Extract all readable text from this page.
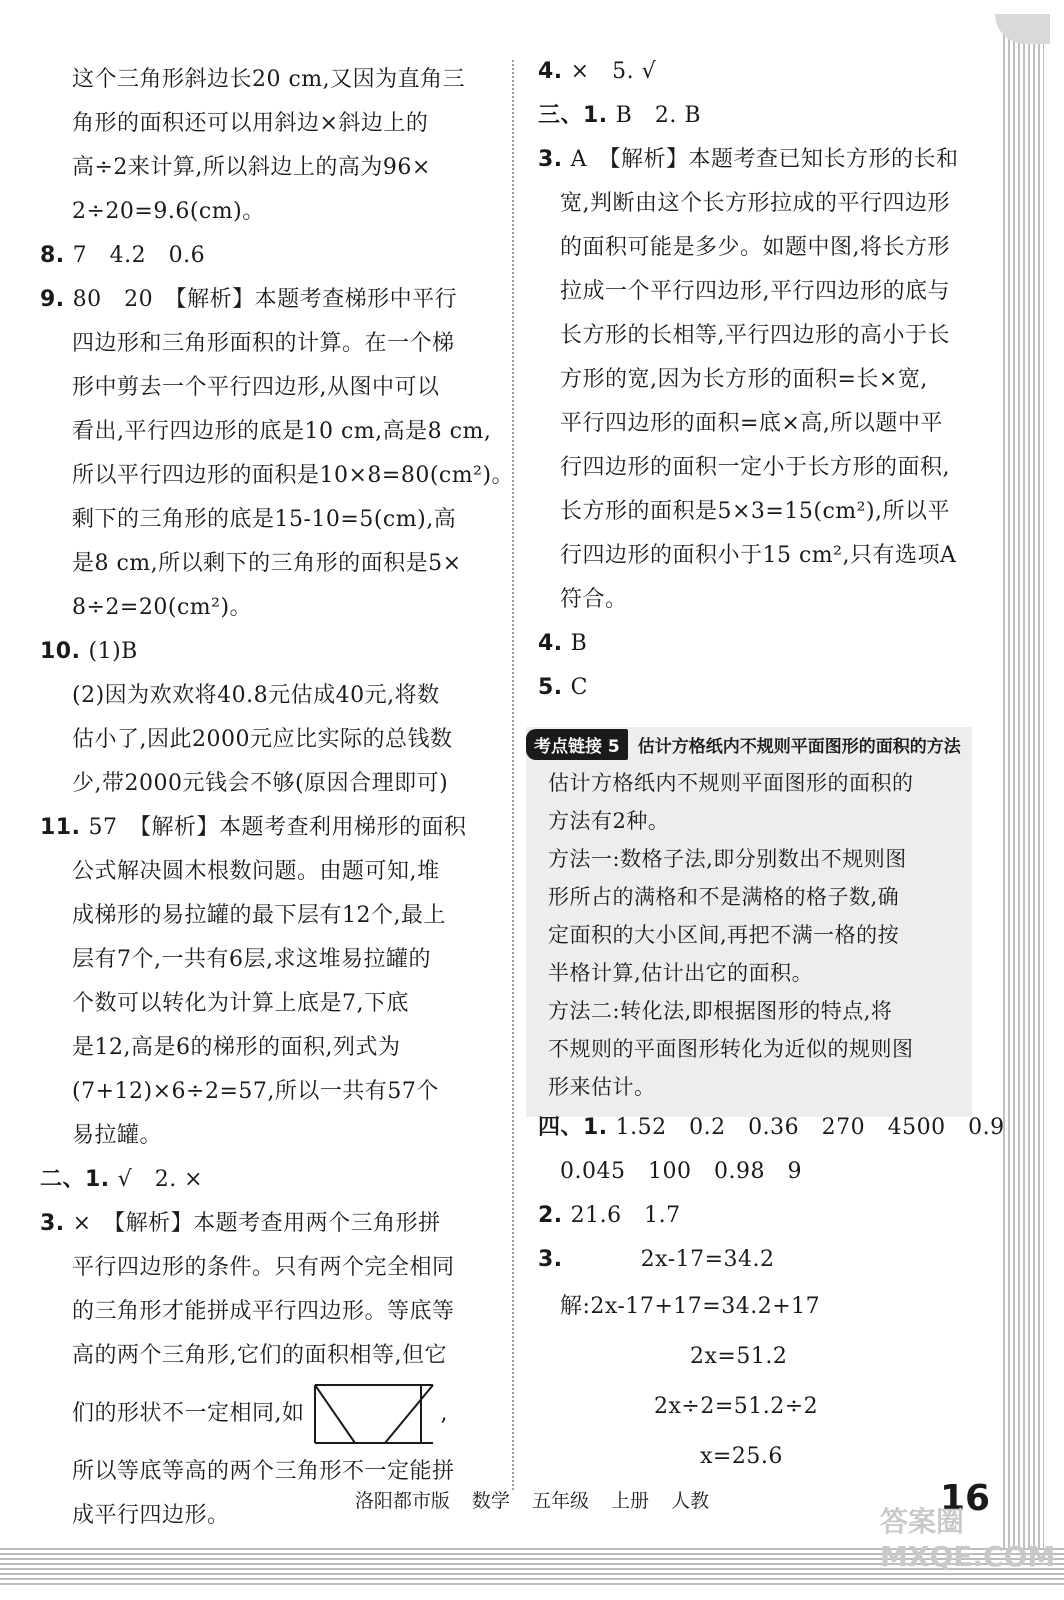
这个三角形斜边长20 cm,又因为直角三
角形的面积还可以用斜边×斜边上的
高÷2来计算,所以斜边上的高为96×
2÷20=9.6(cm)。
8. 7　4.2　0.6
9. 80　20　【解析】本题考查梯形中平行
四边形和三角形面积的计算。在一个梯
形中剪去一个平行四边形,从图中可以
看出,平行四边形的底是10 cm,高是8 cm,
所以平行四边形的面积是10×8=80(cm²)。
剩下的三角形的底是15-10=5(cm),高
是8 cm,所以剩下的三角形的面积是5×
8÷2=20(cm²)。
10. (1)B
(2)因为欢欢将40.8元估成40元,将数
估小了,因此2000元应比实际的总钱数
少,带2000元钱会不够(原因合理即可)
11. 57　【解析】本题考查利用梯形的面积
公式解决圆木根数问题。由题可知,堆
成梯形的易拉罐的最下层有12个,最上
层有7个,一共有6层,求这堆易拉罐的
个数可以转化为计算上底是7,下底
是12,高是6的梯形的面积,列式为
(7+12)×6÷2=57,所以一共有57个
易拉罐。
二、1. √　2. ×
3. ×　【解析】本题考查用两个三角形拼
平行四边形的条件。只有两个完全相同
的三角形才能拼成平行四边形。等底等
高的两个三角形,它们的面积相等,但它
们的形状不一定相同,如	,
所以等底等高的两个三角形不一定能拼
成平行四边形。
4. ×　5. √
三、1. B　2. B
3. A　【解析】本题考查已知长方形的长和
宽,判断由这个长方形拉成的平行四边形
的面积可能是多少。如题中图,将长方形
拉成一个平行四边形,平行四边形的底与
长方形的长相等,平行四边形的高小于长
方形的宽,因为长方形的面积=长×宽,
平行四边形的面积=底×高,所以题中平
行四边形的面积一定小于长方形的面积,
长方形的面积是5×3=15(cm²),所以平
行四边形的面积小于15 cm²,只有选项A
符合。
4. B
5. C
考点链接 5	估计方格纸内不规则平面图形的面积的方法
估计方格纸内不规则平面图形的面积的
方法有2种。
方法一:数格子法,即分别数出不规则图
形所占的满格和不是满格的格子数,确
定面积的大小区间,再把不满一格的按
半格计算,估计出它的面积。
方法二:转化法,即根据图形的特点,将
不规则的平面图形转化为近似的规则图
形来估计。
四、1. 1.52　0.2　0.36　270　4500　0.9
0.045　100　0.98　9
2. 21.6　1.7
3.	2x-17=34.2
解:2x-17+17=34.2+17
2x=51.2
2x÷2=51.2÷2
x=25.6
洛阳都市版 数学 五年级 上册 人教	16
答案圈 MXQE.COM
